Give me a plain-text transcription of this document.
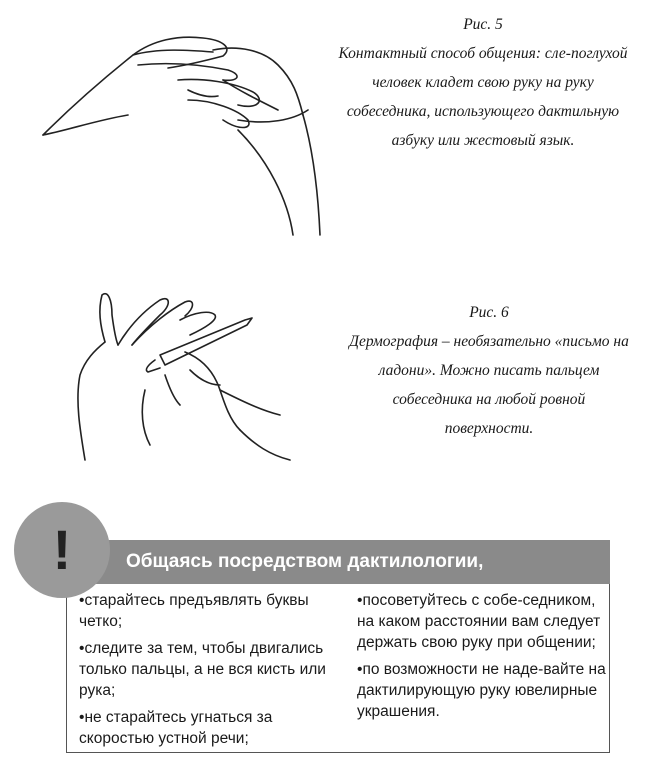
Рис. 5
Контактный способ общения: сле-поглухой человек кладет свою руку на руку собеседника, использующего дактильную азбуку или жестовый язык.
Рис. 6
Дермография – необязательно «письмо на ладони». Можно писать пальцем собеседника на любой ровной поверхности.
• старайтесь предъявлять буквы четко;
• следите за тем, чтобы двигались только пальцы, а не вся кисть или рука;
• не старайтесь угнаться за скоростью устной речи;
• посоветуйтесь с собе-седником, на каком расстоянии вам следует держать свою руку при общении;
• по возможности не наде-вайте на дактилирующую руку ювелирные украшения.
Общаясь посредством дактилологии,
!
